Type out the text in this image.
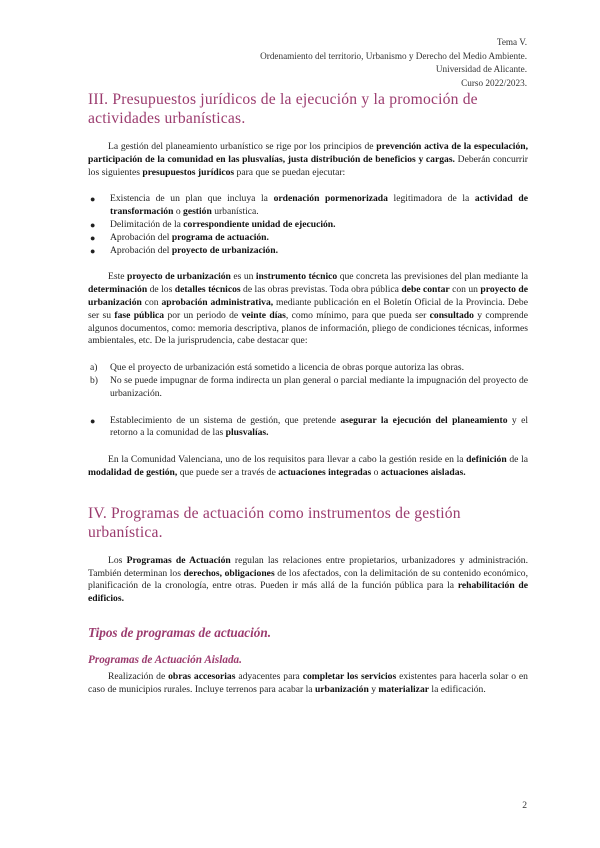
Tema V.
Ordenamiento del territorio, Urbanismo y Derecho del Medio Ambiente.
Universidad de Alicante.
Curso 2022/2023.
III. Presupuestos jurídicos de la ejecución y la promoción de actividades urbanísticas.

La gestión del planeamiento urbanístico se rige por los principios de prevención activa de la especulación, participación de la comunidad en las plusvalías, justa distribución de beneficios y cargas. Deberán concurrir los siguientes presupuestos jurídicos para que se puedan ejecutar:

● Existencia de un plan que incluya la ordenación pormenorizada legitimadora de la actividad de transformación o gestión urbanística.
● Delimitación de la correspondiente unidad de ejecución.
● Aprobación del programa de actuación.
● Aprobación del proyecto de urbanización.

Este proyecto de urbanización es un instrumento técnico que concreta las previsiones del plan mediante la determinación de los detalles técnicos de las obras previstas. Toda obra pública debe contar con un proyecto de urbanización con aprobación administrativa, mediante publicación en el Boletín Oficial de la Provincia. Debe ser su fase pública por un periodo de veinte días, como mínimo, para que pueda ser consultado y comprende algunos documentos, como: memoria descriptiva, planos de información, pliego de condiciones técnicas, informes ambientales, etc. De la jurisprudencia, cabe destacar que:

a) Que el proyecto de urbanización está sometido a licencia de obras porque autoriza las obras.
b) No se puede impugnar de forma indirecta un plan general o parcial mediante la impugnación del proyecto de urbanización.
● Establecimiento de un sistema de gestión, que pretende asegurar la ejecución del planeamiento y el retorno a la comunidad de las plusvalías.

En la Comunidad Valenciana, uno de los requisitos para llevar a cabo la gestión reside en la definición de la modalidad de gestión, que puede ser a través de actuaciones integradas o actuaciones aisladas.

IV. Programas de actuación como instrumentos de gestión urbanística.

Los Programas de Actuación regulan las relaciones entre propietarios, urbanizadores y administración. También determinan los derechos, obligaciones de los afectados, con la delimitación de su contenido económico, planificación de la cronología, entre otras. Pueden ir más allá de la función pública para la rehabilitación de edificios.

Tipos de programas de actuación.
Programas de Actuación Aislada.

Realización de obras accesorias adyacentes para completar los servicios existentes para hacerla solar o en caso de municipios rurales. Incluye terrenos para acabar la urbanización y materializar la edificación.

2
